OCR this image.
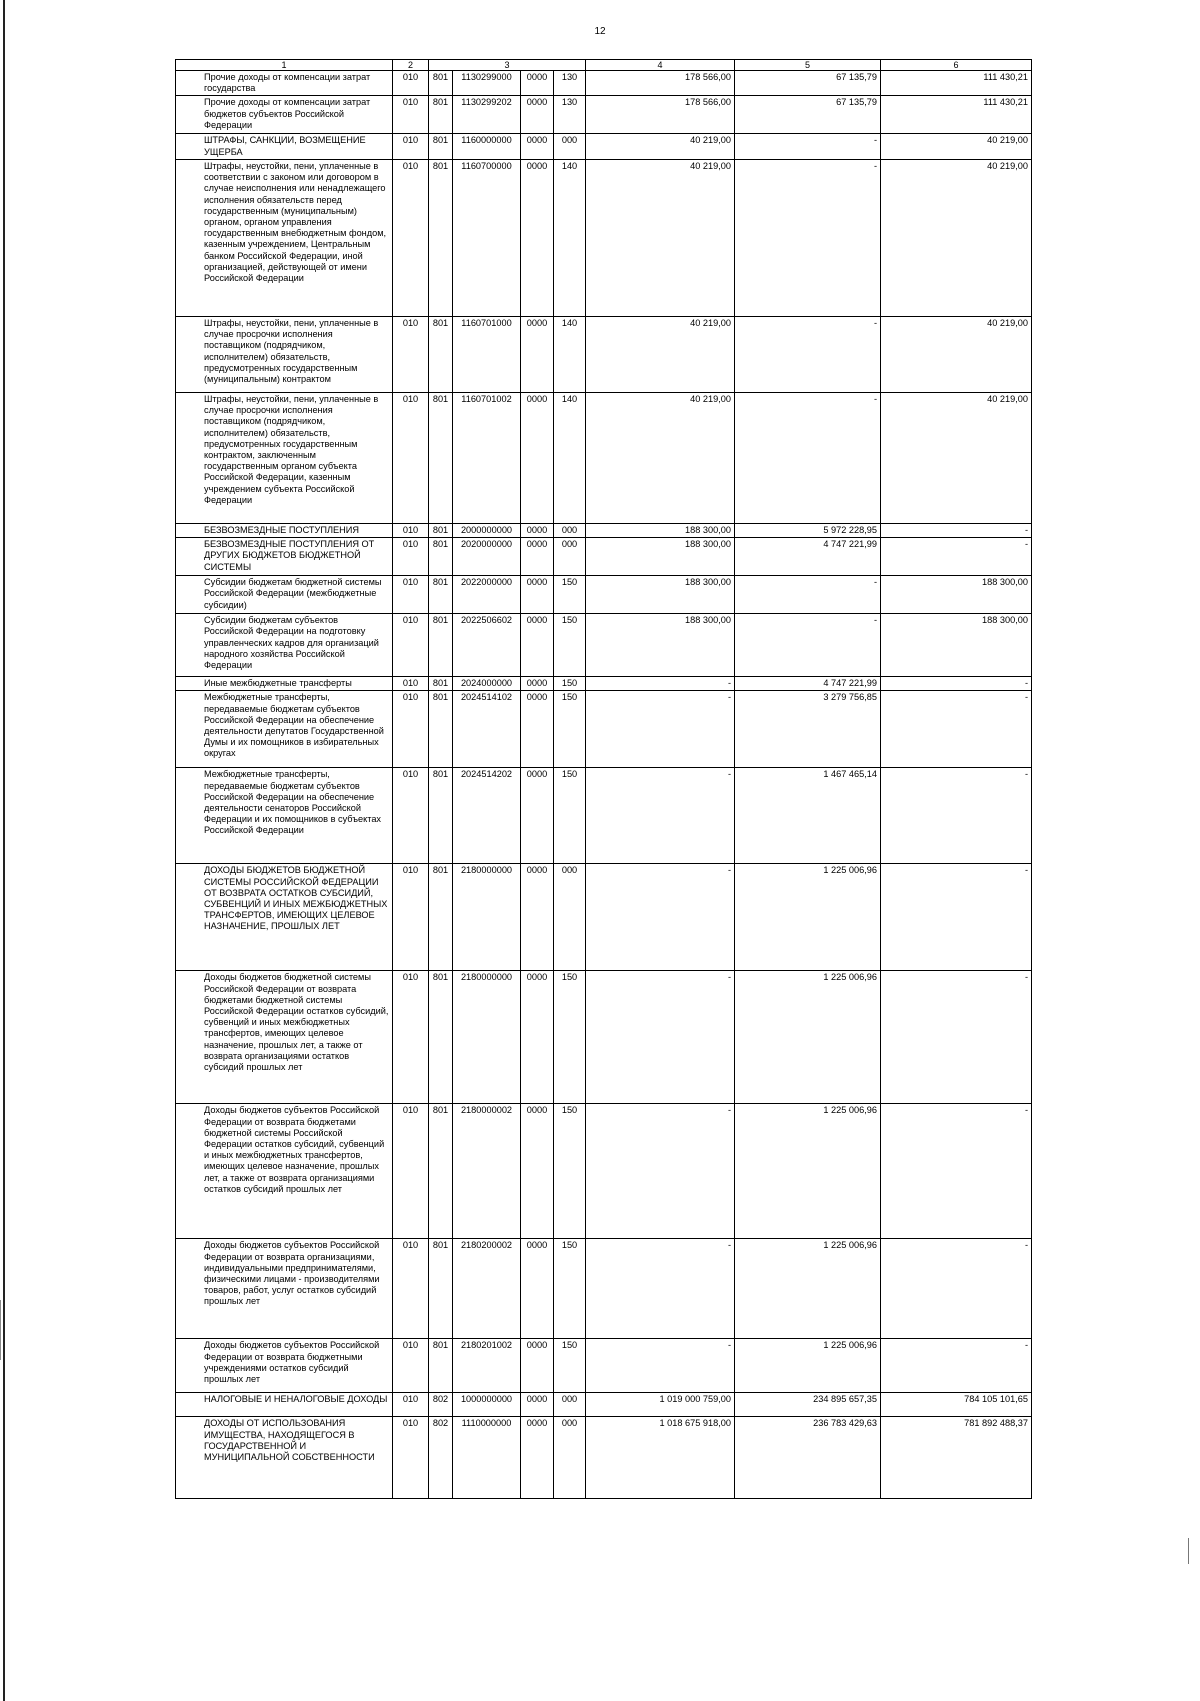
12
1	2	3				4	5	6
Прочие доходы от компенсации затрат государства	010	801	1130299000	0000	130	178 566,00	67 135,79	111 430,21
Прочие доходы от компенсации затрат бюджетов субъектов Российской Федерации	010	801	1130299202	0000	130	178 566,00	67 135,79	111 430,21
ШТРАФЫ, САНКЦИИ, ВОЗМЕЩЕНИЕ УЩЕРБА	010	801	1160000000	0000	000	40 219,00	-	40 219,00
Штрафы, неустойки, пени, уплаченные в соответствии с законом или договором в случае неисполнения или ненадлежащего исполнения обязательств перед государственным (муниципальным) органом, органом управления государственным внебюджетным фондом, казенным учреждением, Центральным банком Российской Федерации, иной организацией, действующей от имени Российской Федерации	010	801	1160700000	0000	140	40 219,00	-	40 219,00
Штрафы, неустойки, пени, уплаченные в случае просрочки исполнения поставщиком (подрядчиком, исполнителем) обязательств, предусмотренных государственным (муниципальным) контрактом	010	801	1160701000	0000	140	40 219,00	-	40 219,00
Штрафы, неустойки, пени, уплаченные в случае просрочки исполнения поставщиком (подрядчиком, исполнителем) обязательств, предусмотренных государственным контрактом, заключенным государственным органом субъекта Российской Федерации, казенным учреждением субъекта Российской Федерации	010	801	1160701002	0000	140	40 219,00	-	40 219,00
БЕЗВОЗМЕЗДНЫЕ ПОСТУПЛЕНИЯ	010	801	2000000000	0000	000	188 300,00	5 972 228,95	-
БЕЗВОЗМЕЗДНЫЕ ПОСТУПЛЕНИЯ ОТ ДРУГИХ БЮДЖЕТОВ БЮДЖЕТНОЙ СИСТЕМЫ	010	801	2020000000	0000	000	188 300,00	4 747 221,99	-
Субсидии бюджетам бюджетной системы Российской Федерации (межбюджетные субсидии)	010	801	2022000000	0000	150	188 300,00	-	188 300,00
Субсидии бюджетам субъектов Российской Федерации на подготовку управленческих кадров для организаций народного хозяйства Российской Федерации	010	801	2022506602	0000	150	188 300,00	-	188 300,00
Иные межбюджетные трансферты	010	801	2024000000	0000	150	-	4 747 221,99	-
Межбюджетные трансферты, передаваемые бюджетам субъектов Российской Федерации на обеспечение деятельности депутатов Государственной Думы и их помощников в избирательных округах	010	801	2024514102	0000	150	-	3 279 756,85	-
Межбюджетные трансферты, передаваемые бюджетам субъектов Российской Федерации на обеспечение деятельности сенаторов Российской Федерации и их помощников в субъектах Российской Федерации	010	801	2024514202	0000	150	-	1 467 465,14	-
ДОХОДЫ БЮДЖЕТОВ БЮДЖЕТНОЙ СИСТЕМЫ РОССИЙСКОЙ ФЕДЕРАЦИИ ОТ ВОЗВРАТА ОСТАТКОВ СУБСИДИЙ, СУБВЕНЦИЙ И ИНЫХ МЕЖБЮДЖЕТНЫХ ТРАНСФЕРТОВ, ИМЕЮЩИХ ЦЕЛЕВОЕ НАЗНАЧЕНИЕ, ПРОШЛЫХ ЛЕТ	010	801	2180000000	0000	000	-	1 225 006,96	-
Доходы бюджетов бюджетной системы Российской Федерации от возврата бюджетами бюджетной системы Российской Федерации остатков субсидий, субвенций и иных межбюджетных трансфертов, имеющих целевое назначение, прошлых лет, а также от возврата организациями остатков субсидий прошлых лет	010	801	2180000000	0000	150	-	1 225 006,96	-
Доходы бюджетов субъектов Российской Федерации от возврата бюджетами бюджетной системы Российской Федерации остатков субсидий, субвенций и иных межбюджетных трансфертов, имеющих целевое назначение, прошлых лет, а также от возврата организациями остатков субсидий прошлых лет	010	801	2180000002	0000	150	-	1 225 006,96	-
Доходы бюджетов субъектов Российской Федерации от возврата организациями, индивидуальными предпринимателями, физическими лицами - производителями товаров, работ, услуг остатков субсидий прошлых лет	010	801	2180200002	0000	150	-	1 225 006,96	-
Доходы бюджетов субъектов Российской Федерации от возврата бюджетными учреждениями остатков субсидий прошлых лет	010	801	2180201002	0000	150	-	1 225 006,96	-
НАЛОГОВЫЕ И НЕНАЛОГОВЫЕ ДОХОДЫ	010	802	1000000000	0000	000	1 019 000 759,00	234 895 657,35	784 105 101,65
ДОХОДЫ ОТ ИСПОЛЬЗОВАНИЯ ИМУЩЕСТВА, НАХОДЯЩЕГОСЯ В ГОСУДАРСТВЕННОЙ И МУНИЦИПАЛЬНОЙ СОБСТВЕННОСТИ	010	802	1110000000	0000	000	1 018 675 918,00	236 783 429,63	781 892 488,37
